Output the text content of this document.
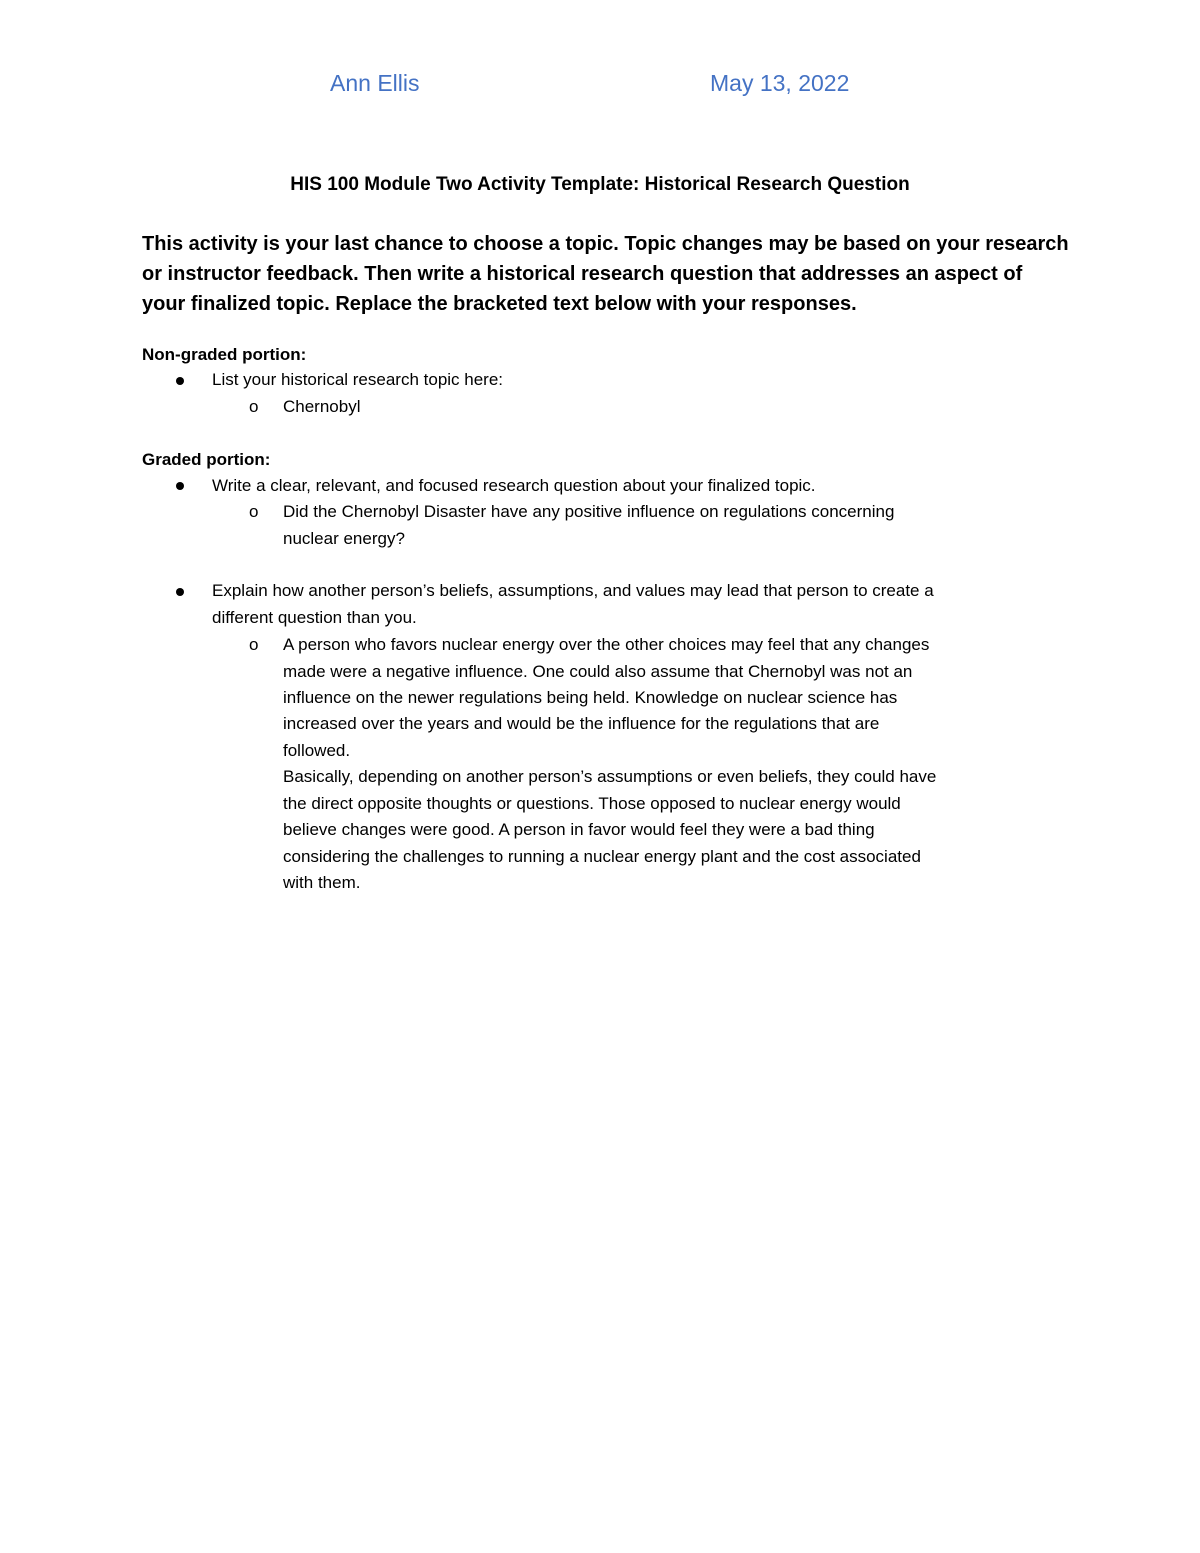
Ann Ellis	May 13, 2022
HIS 100 Module Two Activity Template: Historical Research Question
This activity is your last chance to choose a topic. Topic changes may be based on your research
or instructor feedback. Then write a historical research question that addresses an aspect of
your finalized topic. Replace the bracketed text below with your responses.
Non-graded portion:
List your historical research topic here:
o Chernobyl
Graded portion:
Write a clear, relevant, and focused research question about your finalized topic.
o Did the Chernobyl Disaster have any positive influence on regulations concerning
nuclear energy?
Explain how another person’s beliefs, assumptions, and values may lead that person to create a
different question than you.
o A person who favors nuclear energy over the other choices may feel that any changes
made were a negative influence. One could also assume that Chernobyl was not an
influence on the newer regulations being held. Knowledge on nuclear science has
increased over the years and would be the influence for the regulations that are
followed.
Basically, depending on another person’s assumptions or even beliefs, they could have
the direct opposite thoughts or questions. Those opposed to nuclear energy would
believe changes were good. A person in favor would feel they were a bad thing
considering the challenges to running a nuclear energy plant and the cost associated
with them.
